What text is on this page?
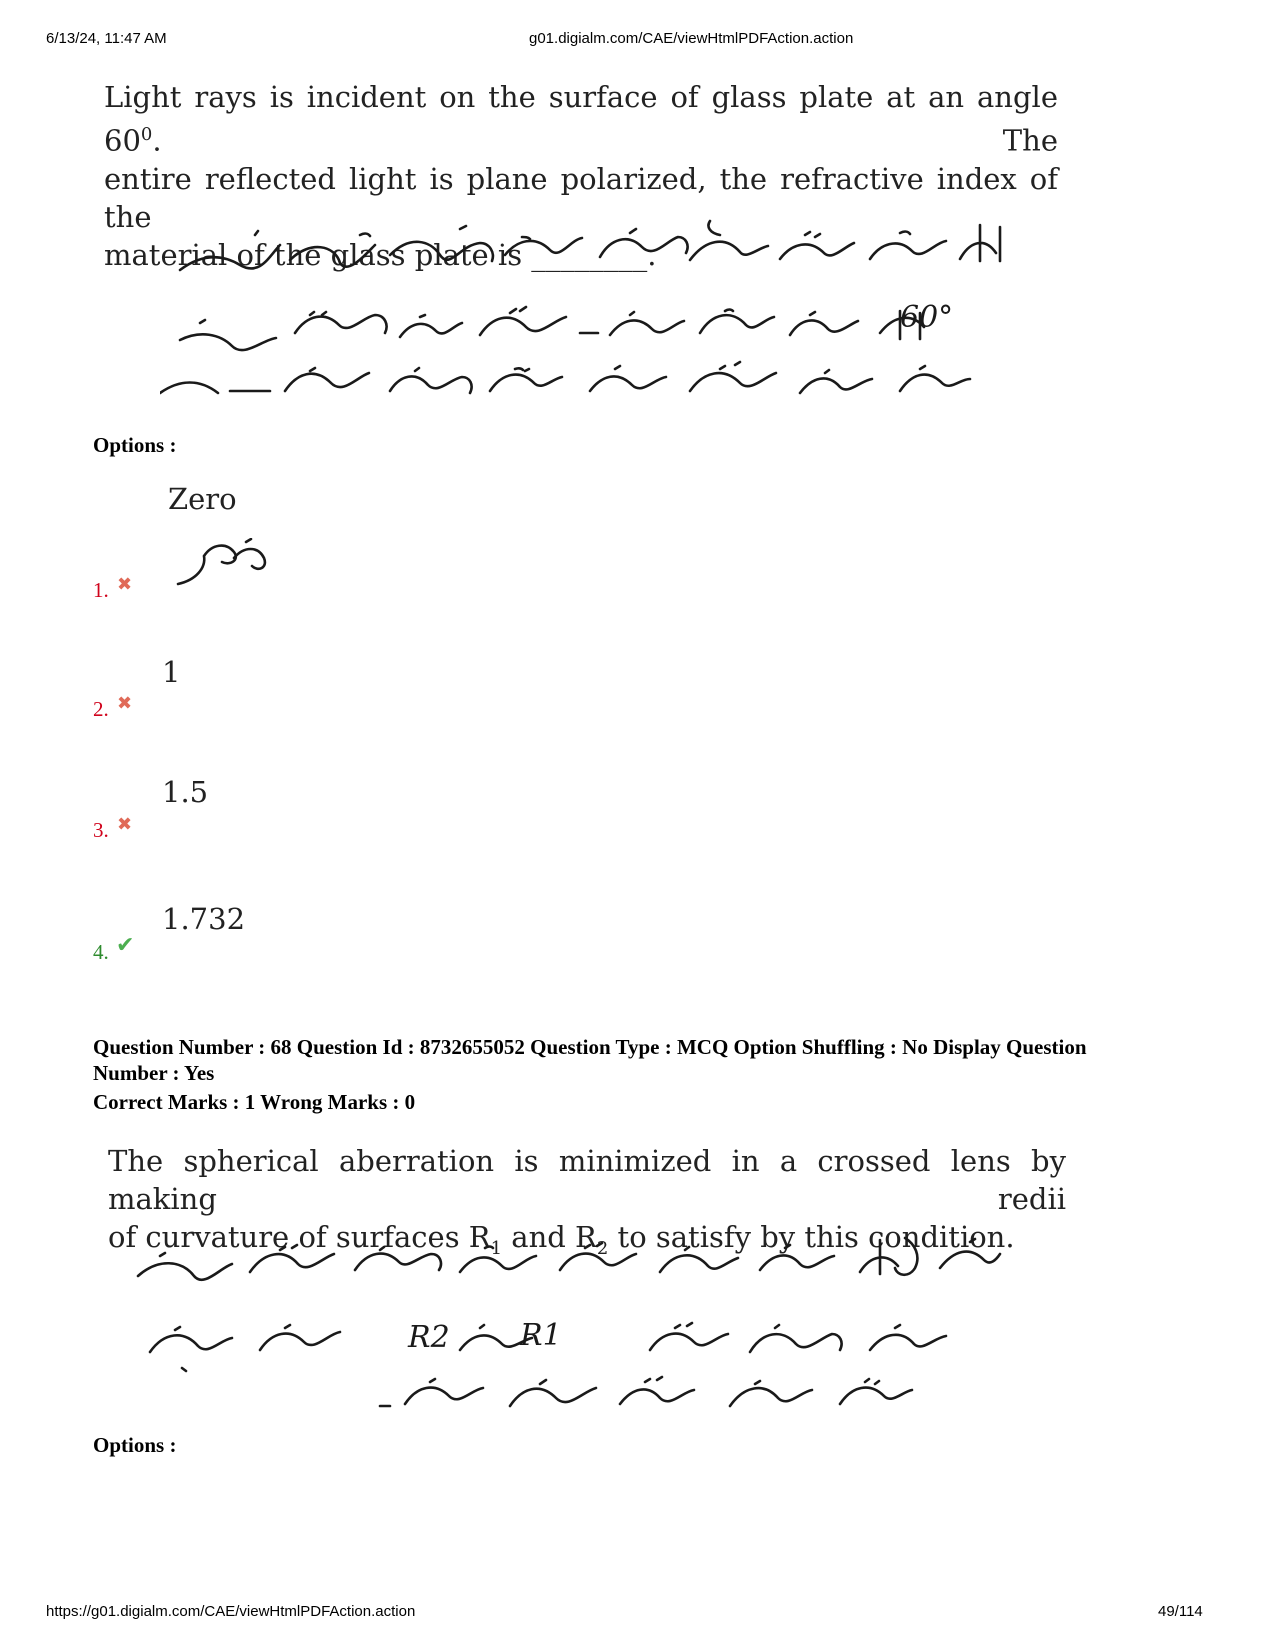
6/13/24, 11:47 AM	g01.digialm.com/CAE/viewHtmlPDFAction.action
Light rays is incident on the surface of glass plate at an angle $60^0$. The
entire reflected light is plane polarized, the refractive index of the
material of the glass plate is ________.
60°
Options :
Zero
1. ✖
1
2. ✖
1.5
3. ✖
1.732
4. ✔
Question Number : 68 Question Id : 8732655052 Question Type : MCQ Option Shuffling : No Display Question
Number : Yes
Correct Marks : 1 Wrong Marks : 0
The spherical aberration is minimized in a crossed lens by making redii
of curvature of surfaces $R_1$ and $R_2$ to satisfy by this condition.
R2 R1
Options :
https://g01.digialm.com/CAE/viewHtmlPDFAction.action	49/114
